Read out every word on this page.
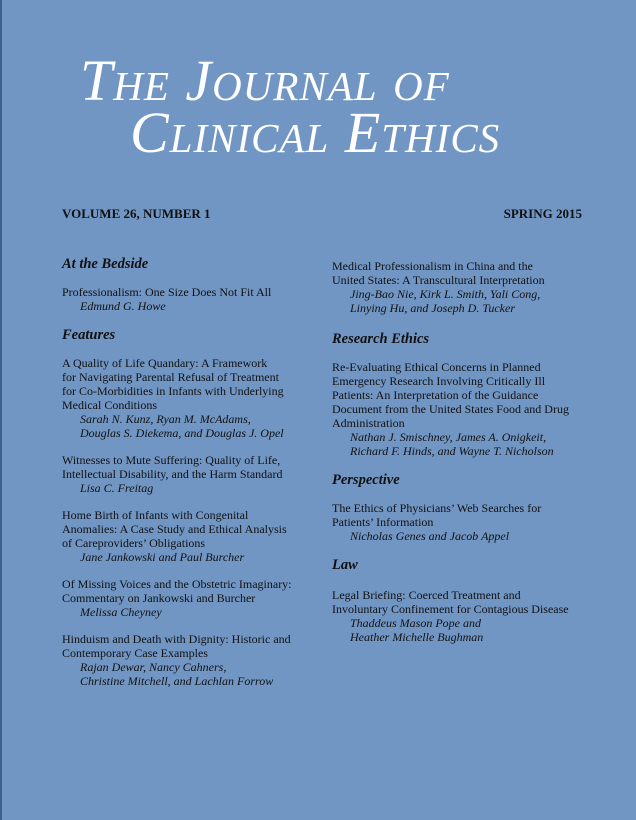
The Journal of
Clinical Ethics
VOLUME 26, NUMBER 1	SPRING 2015
At the Bedside
Professionalism: One Size Does Not Fit All
Edmund G. Howe
Features
A Quality of Life Quandary: A Framework
for Navigating Parental Refusal of Treatment
for Co-Morbidities in Infants with Underlying
Medical Conditions
Sarah N. Kunz, Ryan M. McAdams,
Douglas S. Diekema, and Douglas J. Opel
Witnesses to Mute Suffering: Quality of Life,
Intellectual Disability, and the Harm Standard
Lisa C. Freitag
Home Birth of Infants with Congenital
Anomalies: A Case Study and Ethical Analysis
of Careproviders’ Obligations
Jane Jankowski and Paul Burcher
Of Missing Voices and the Obstetric Imaginary:
Commentary on Jankowski and Burcher
Melissa Cheyney
Hinduism and Death with Dignity: Historic and
Contemporary Case Examples
Rajan Dewar, Nancy Cahners,
Christine Mitchell, and Lachlan Forrow
Medical Professionalism in China and the
United States: A Transcultural Interpretation
Jing-Bao Nie, Kirk L. Smith, Yali Cong,
Linying Hu, and Joseph D. Tucker
Research Ethics
Re-Evaluating Ethical Concerns in Planned
Emergency Research Involving Critically Ill
Patients: An Interpretation of the Guidance
Document from the United States Food and Drug
Administration
Nathan J. Smischney, James A. Onigkeit,
Richard F. Hinds, and Wayne T. Nicholson
Perspective
The Ethics of Physicians’ Web Searches for
Patients’ Information
Nicholas Genes and Jacob Appel
Law
Legal Briefing: Coerced Treatment and
Involuntary Confinement for Contagious Disease
Thaddeus Mason Pope and
Heather Michelle Bughman
